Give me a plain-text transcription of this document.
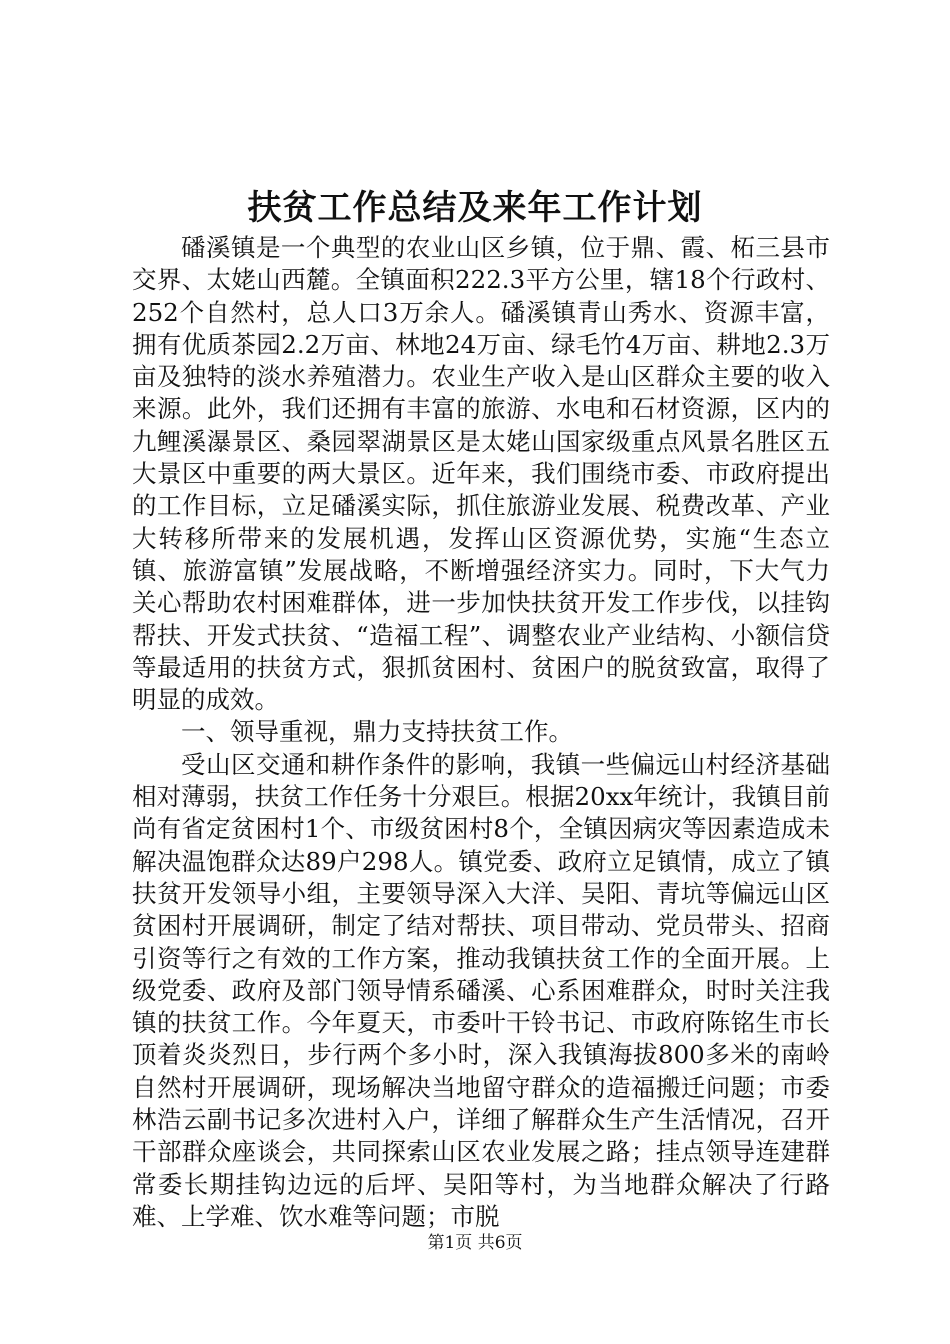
扶贫工作总结及来年工作计划

磻溪镇是一个典型的农业山区乡镇，位于鼎、霞、柘三县市交界、太姥山西麓。全镇面积222.3平方公里，辖18个行政村、252个自然村，总人口3万余人。磻溪镇青山秀水、资源丰富，拥有优质茶园2.2万亩、林地24万亩、绿毛竹4万亩、耕地2.3万亩及独特的淡水养殖潜力。农业生产收入是山区群众主要的收入来源。此外，我们还拥有丰富的旅游、水电和石材资源，区内的九鲤溪瀑景区、桑园翠湖景区是太姥山国家级重点风景名胜区五大景区中重要的两大景区。近年来，我们围绕市委、市政府提出的工作目标，立足磻溪实际，抓住旅游业发展、税费改革、产业大转移所带来的发展机遇，发挥山区资源优势，实施“生态立镇、旅游富镇”发展战略，不断增强经济实力。同时，下大气力关心帮助农村困难群体，进一步加快扶贫开发工作步伐，以挂钩帮扶、开发式扶贫、“造福工程”、调整农业产业结构、小额信贷等最适用的扶贫方式，狠抓贫困村、贫困户的脱贫致富，取得了明显的成效。

一、领导重视，鼎力支持扶贫工作。

受山区交通和耕作条件的影响，我镇一些偏远山村经济基础相对薄弱，扶贫工作任务十分艰巨。根据20xx年统计，我镇目前尚有省定贫困村1个、市级贫困村8个，全镇因病灾等因素造成未解决温饱群众达89户298人。镇党委、政府立足镇情，成立了镇扶贫开发领导小组，主要领导深入大洋、吴阳、青坑等偏远山区贫困村开展调研，制定了结对帮扶、项目带动、党员带头、招商引资等行之有效的工作方案，推动我镇扶贫工作的全面开展。上级党委、政府及部门领导情系磻溪、心系困难群众，时时关注我镇的扶贫工作。今年夏天，市委叶干铃书记、市政府陈铭生市长顶着炎炎烈日，步行两个多小时，深入我镇海拔800多米的南岭自然村开展调研，现场解决当地留守群众的造福搬迁问题；市委林浩云副书记多次进村入户，详细了解群众生产生活情况，召开干部群众座谈会，共同探索山区农业发展之路；挂点领导连建群常委长期挂钩边远的后坪、吴阳等村，为当地群众解决了行路难、上学难、饮水难等问题；市脱

第1页 共6页
